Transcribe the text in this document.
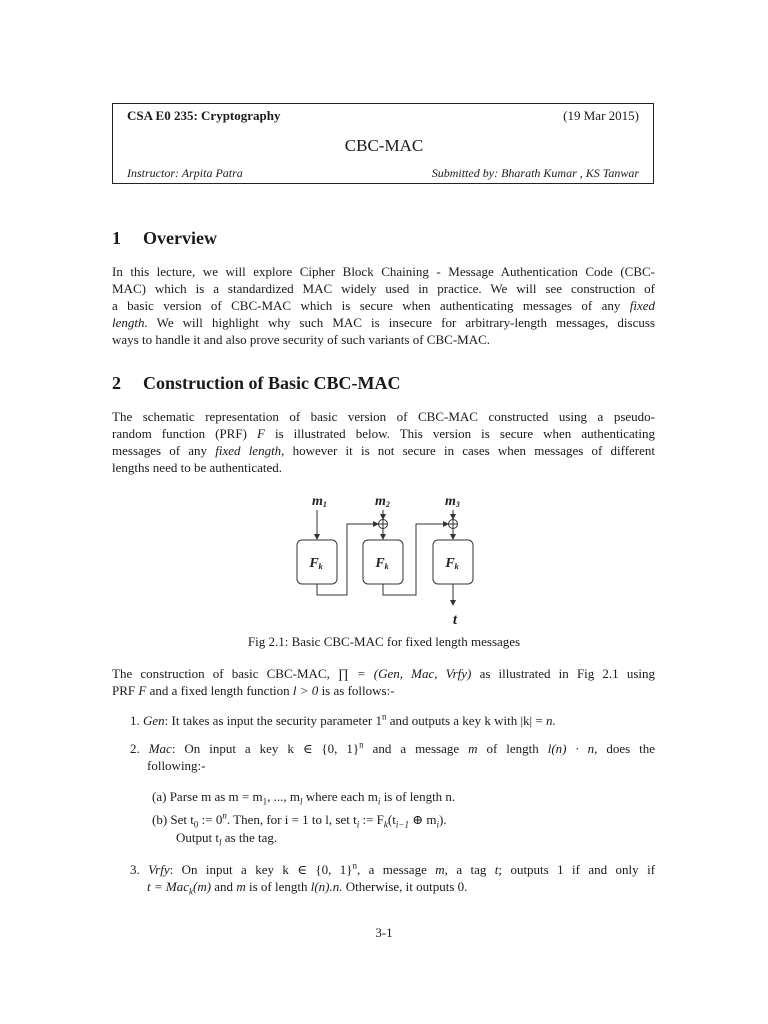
CSA E0 235: Cryptography	(19 Mar 2015)
CBC-MAC
Instructor: Arpita Patra	Submitted by: Bharath Kumar , KS Tanwar
1 Overview
In this lecture, we will explore Cipher Block Chaining - Message Authentication Code (CBC-
MAC) which is a standardized MAC widely used in practice. We will see construction of
a basic version of CBC-MAC which is secure when authenticating messages of any fixed
length. We will highlight why such MAC is insecure for arbitrary-length messages, discuss
ways to handle it and also prove security of such variants of CBC-MAC.
2 Construction of Basic CBC-MAC
The schematic representation of basic version of CBC-MAC constructed using a pseudo-
random function (PRF) F is illustrated below. This version is secure when authenticating
messages of any fixed length, however it is not secure in cases when messages of different
lengths need to be authenticated.
m1	m2	m3
Fk	Fk	Fk
t
Fig 2.1: Basic CBC-MAC for fixed length messages
The construction of basic CBC-MAC, ∏ = (Gen, Mac, Vrfy) as illustrated in Fig 2.1 using
PRF F and a fixed length function l > 0 is as follows:-
1. Gen: It takes as input the security parameter 1$^n$ and outputs a key k with |k| = n.
2. Mac: On input a key k ∈ {0, 1}$^n$ and a message m of length l(n) · n, does the
following:-
(a) Parse m as $m = m_1$, ..., $m_l$ where each $m_i$ is of length n.
(b) Set $t_0$ := $0^n$. Then, for i = 1 to l, set $t_i$ := $F_k(t_{i-1}$ ⊕ $m_i$).
Output $t_l$ as the tag.
3. Vrfy: On input a key k ∈ {0, 1}$^n$, a message m, a tag t; outputs 1 if and only if
t = Mac$_k$(m) and m is of length l(n).n. Otherwise, it outputs 0.
3-1
